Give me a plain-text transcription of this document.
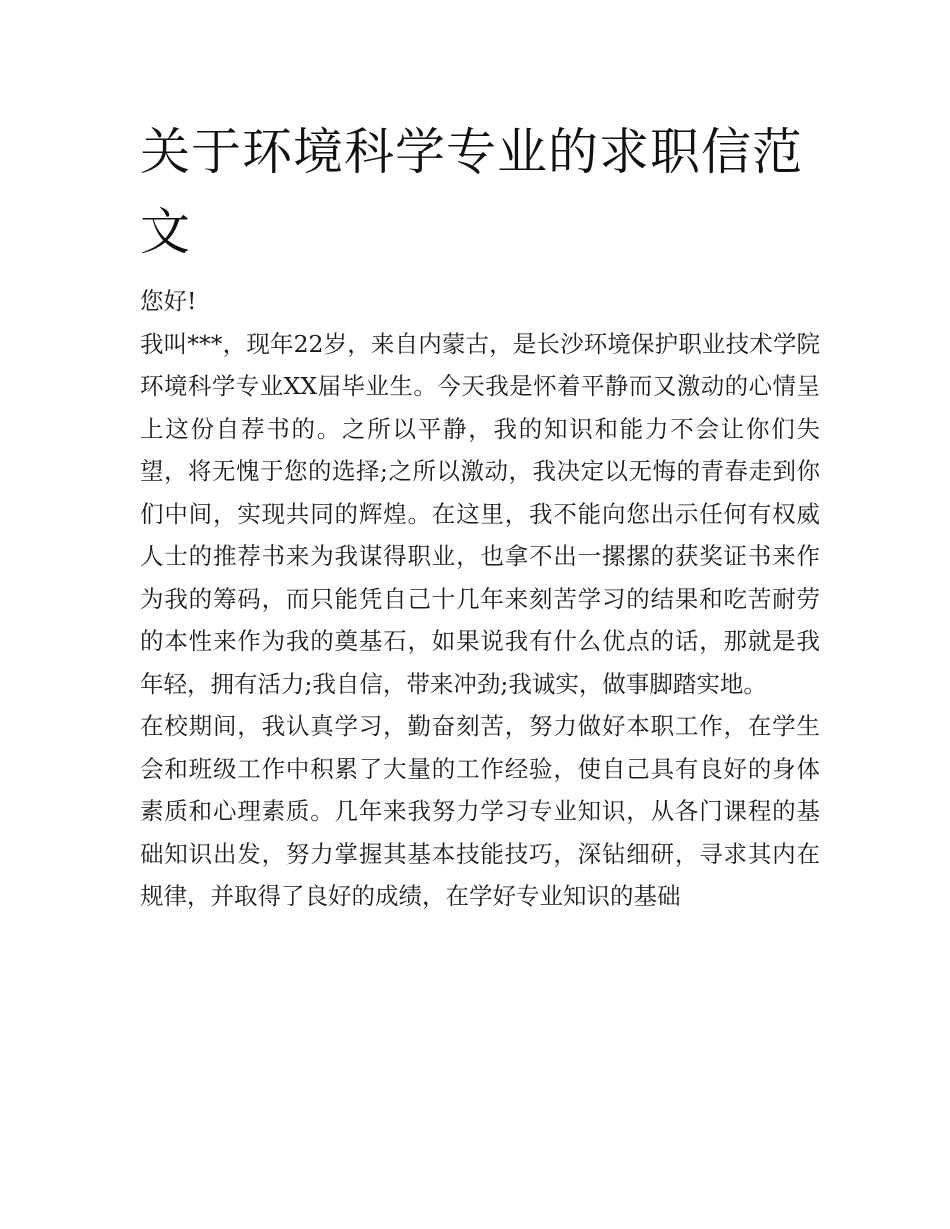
关于环境科学专业的求职信范文

您好!

我叫***，现年22岁，来自内蒙古，是长沙环境保护职业技术学院环境科学专业XX届毕业生。今天我是怀着平静而又激动的心情呈上这份自荐书的。之所以平静，我的知识和能力不会让你们失望，将无愧于您的选择;之所以激动，我决定以无悔的青春走到你们中间，实现共同的辉煌。在这里，我不能向您出示任何有权威人士的推荐书来为我谋得职业，也拿不出一摞摞的获奖证书来作为我的筹码，而只能凭自己十几年来刻苦学习的结果和吃苦耐劳的本性来作为我的奠基石，如果说我有什么优点的话，那就是我年轻，拥有活力;我自信，带来冲劲;我诚实，做事脚踏实地。

在校期间，我认真学习，勤奋刻苦，努力做好本职工作，在学生会和班级工作中积累了大量的工作经验，使自己具有良好的身体素质和心理素质。几年来我努力学习专业知识，从各门课程的基础知识出发，努力掌握其基本技能技巧，深钻细研，寻求其内在规律，并取得了良好的成绩，在学好专业知识的基础
